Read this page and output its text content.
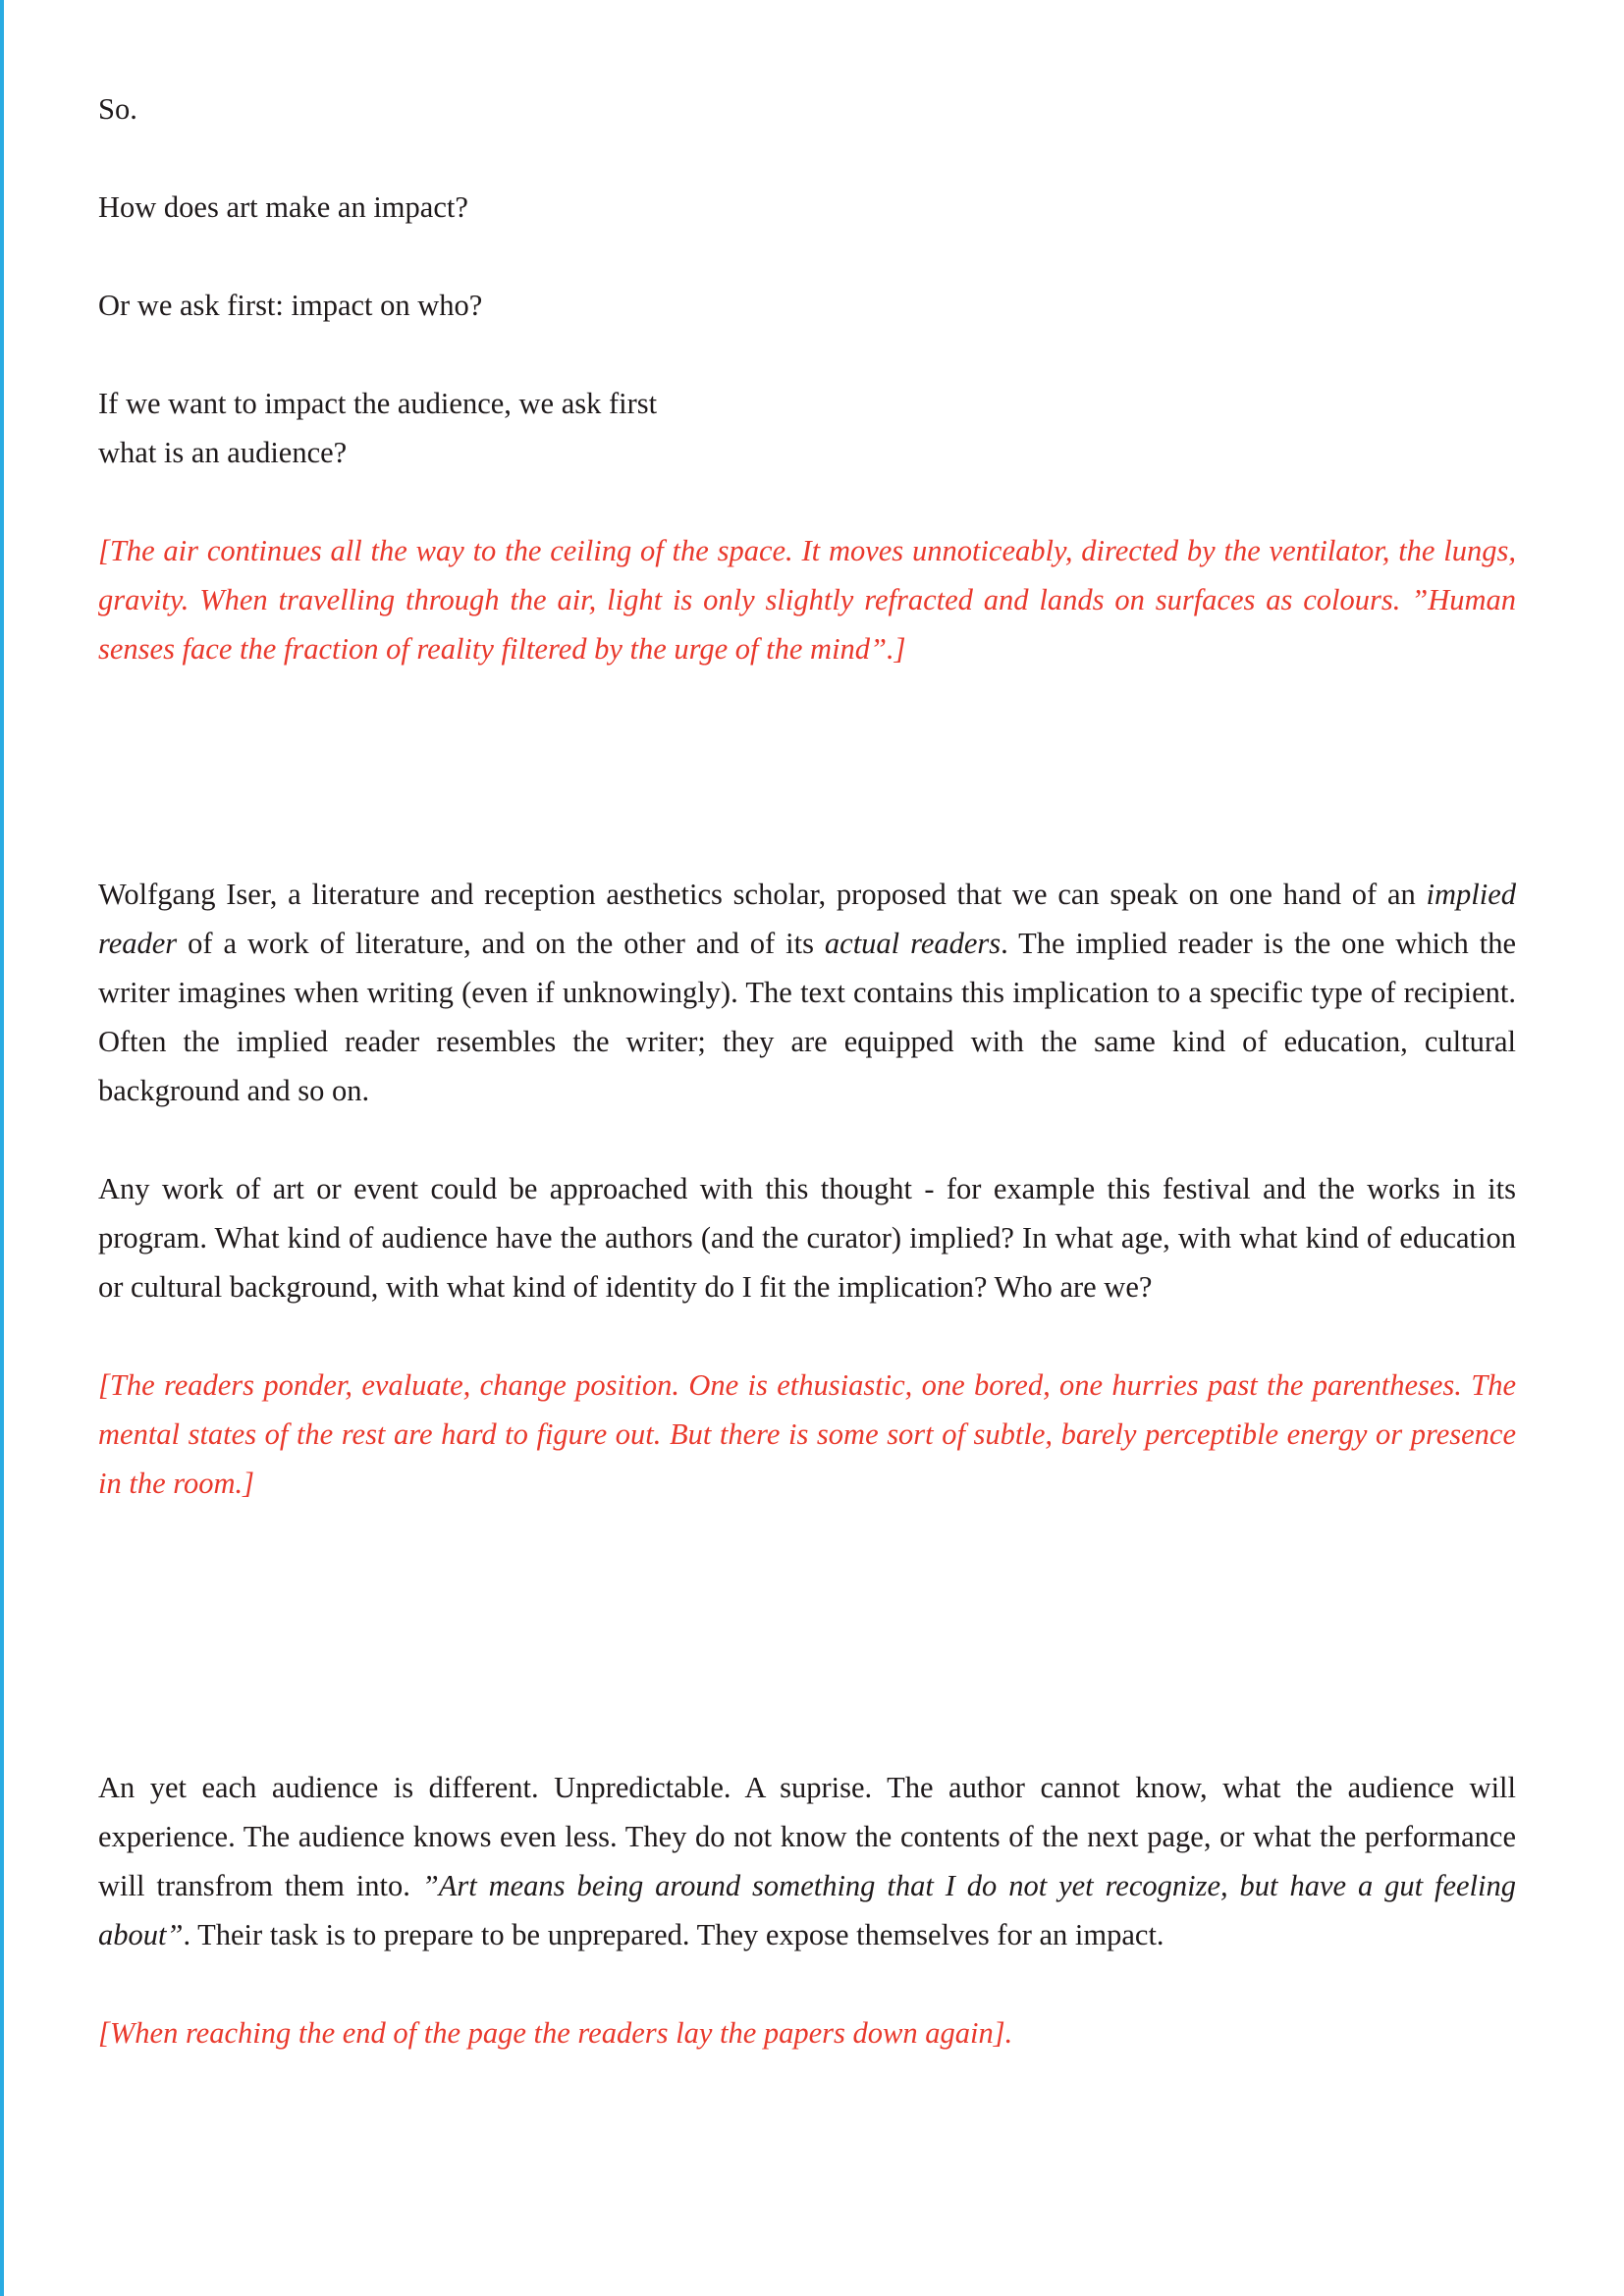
So.

How does art make an impact?

Or we ask first: impact on who?

If we want to impact the audience, we ask first
what is an audience?

[The air continues all the way to the ceiling of the space. It moves unnoticeably, directed by the ventilator, the lungs, gravity. When travelling through the air, light is only slightly refracted and lands on surfaces as colours. ”Human senses face the fraction of reality filtered by the urge of the mind”.]

Wolfgang Iser, a literature and reception aesthetics scholar, proposed that we can speak on one hand of an implied reader of a work of literature, and on the other and of its actual readers. The implied reader is the one which the writer imagines when writing (even if unknowingly). The text contains this implication to a specific type of recipient. Often the implied reader resembles the writer; they are equipped with the same kind of education, cultural background and so on.

Any work of art or event could be approached with this thought - for example this festival and the works in its program. What kind of audience have the authors (and the curator) implied? In what age, with what kind of education or cultural background, with what kind of identity do I fit the implication? Who are we?

[The readers ponder, evaluate, change position. One is ethusiastic, one bored, one hurries past the parentheses. The mental states of the rest are hard to figure out. But there is some sort of subtle, barely perceptible energy or presence in the room.]

An yet each audience is different. Unpredictable. A suprise. The author cannot know, what the audience will experience. The audience knows even less. They do not know the contents of the next page, or what the performance will transfrom them into. ”Art means being around something that I do not yet recognize, but have a gut feeling about”. Their task is to prepare to be unprepared. They expose themselves for an impact.

[When reaching the end of the page the readers lay the papers down again].
